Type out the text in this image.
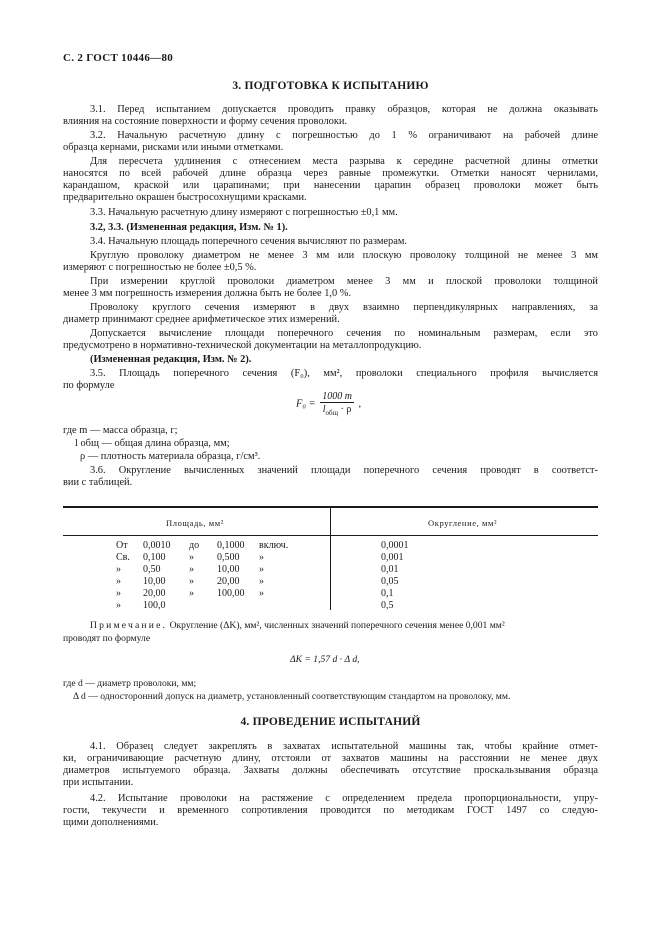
С. 2 ГОСТ 10446—80
3. ПОДГОТОВКА К ИСПЫТАНИЮ
3.1. Перед испытанием допускается проводить правку образцов, которая не должна оказывать
влияния на состояние поверхности и форму сечения проволоки.
3.2. Начальную расчетную длину с погрешностью до 1 % ограничивают на рабочей длине
образца кернами, рисками или иными отметками.
Для пересчета удлинения с отнесением места разрыва к середине расчетной длины отметки
наносятся по всей рабочей длине образца через равные промежутки. Отметки наносят чернилами,
карандашом, краской или царапинами; при нанесении царапин образец проволоки может быть
предварительно окрашен быстросохнущими красками.
3.3. Начальную расчетную длину измеряют с погрешностью ±0,1 мм.
3.2, 3.3. (Измененная редакция, Изм. № 1).
3.4. Начальную площадь поперечного сечения вычисляют по размерам.
Круглую проволоку диаметром не менее 3 мм или плоскую проволоку толщиной не менее 3 мм
измеряют с погрешностью не более ±0,5 %.
При измерении круглой проволоки диаметром менее 3 мм и плоской проволоки толщиной
менее 3 мм погрешность измерения должна быть не более 1,0 %.
Проволоку круглого сечения измеряют в двух взаимно перпендикулярных направлениях, за
диаметр принимают среднее арифметическое этих измерений.
Допускается вычисление площади поперечного сечения по номинальным размерам, если это
предусмотрено в нормативно-технической документации на металлопродукцию.
(Измененная редакция, Изм. № 2).
3.5. Площадь поперечного сечения (F₀), мм², проволоки специального профиля вычисляется
по формуле
$F_0 = \frac{1000 m}{l_{общ} \cdot \rho}$ ,
где m — масса образца, г;
l общ — общая длина образца, мм;
ρ — плотность материала образца, г/см³.
3.6. Округление вычисленных значений площади поперечного сечения проводят в соответст-
вии с таблицей.
Площадь, мм²	Округление, мм²
От 0,0010 до 0,1000 включ.	0,0001
Св. 0,100 » 0,500 »	0,001
» 0,50	» 10,00 »	0,01
» 10,00 » 20,00 »	0,05
» 20,00 » 100,00 »	0,1
» 100,0	0,5
Примечание. Округление (ΔK), мм², численных значений поперечного сечения менее 0,001 мм²
проводят по формуле
ΔK = 1,57 d · Δ d,
где d — диаметр проволоки, мм;
Δ d — односторонний допуск на диаметр, установленный соответствующим стандартом на проволоку, мм.
4. ПРОВЕДЕНИЕ ИСПЫТАНИЙ
4.1. Образец следует закреплять в захватах испытательной машины так, чтобы крайние отмет-
ки, ограничивающие расчетную длину, отстояли от захватов машины на расстоянии не менее двух
диаметров испытуемого образца. Захваты должны обеспечивать отсутствие проскальзывания образца
при испытании.
4.2. Испытание проволоки на растяжение с определением предела пропорциональности, упру-
гости, текучести и временного сопротивления проводится по методикам ГОСТ 1497 со следую-
щими дополнениями.
